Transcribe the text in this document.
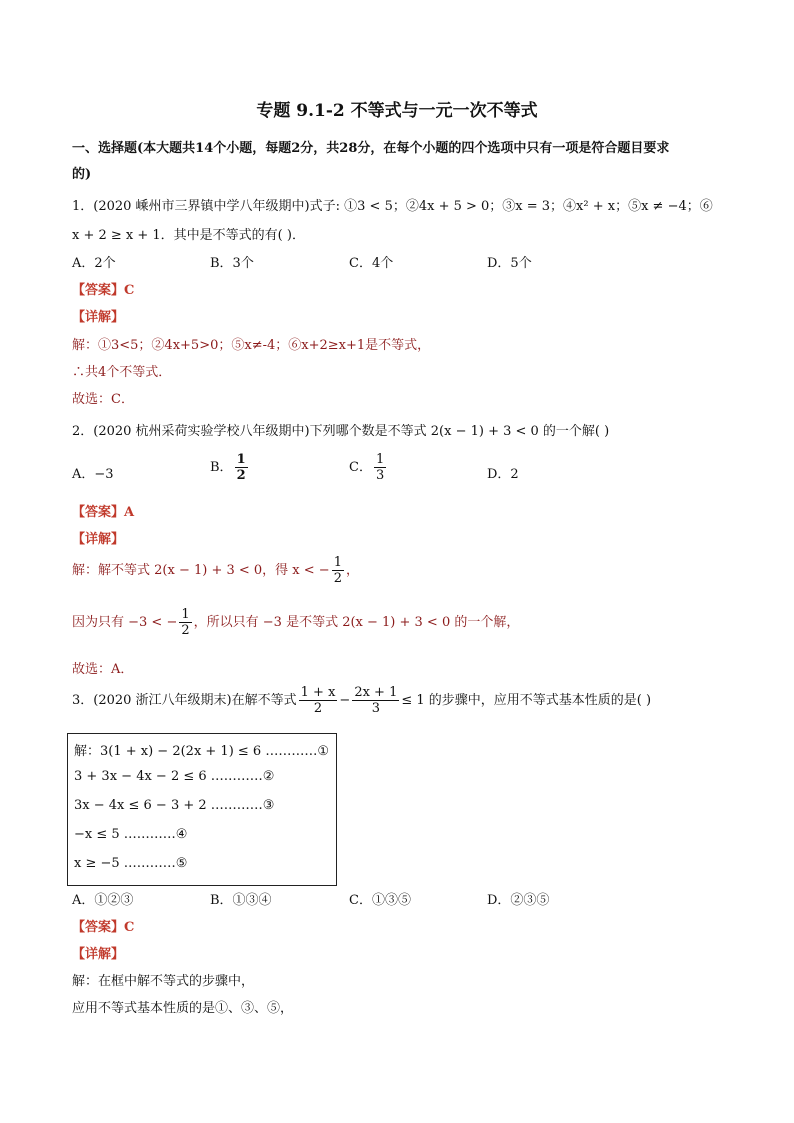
专题 9.1-2 不等式与一元一次不等式
一、选择题(本大题共14个小题，每题2分，共28分，在每个小题的四个选项中只有一项是符合题目要求
的)
1．(2020 嵊州市三界镇中学八年级期中)式子: ①3 < 5；②4x + 5 > 0；③x = 3；④x² + x；⑤x ≠ −4；⑥
x + 2 ≥ x + 1．其中是不等式的有( )．
A．2个	B．3个	C．4个	D．5个
【答案】C
【详解】
解：①3<5；②4x+5>0；⑤x≠-4；⑥x+2≥x+1是不等式，
∴共4个不等式．
故选：C．
2．(2020 杭州采荷实验学校八年级期中)下列哪个数是不等式 2(x − 1) + 3 < 0 的一个解( )
A．−3	B． $\frac{1}{2}$	C． $\frac{1}{3}$	D．2
【答案】A
【详解】
解：解不等式 2(x − 1) + 3 < 0，得 x < − $\frac{1}{2}$ ，
因为只有 −3 < − $\frac{1}{2}$ ，所以只有 −3 是不等式 2(x − 1) + 3 < 0 的一个解，
故选：A．
3．(2020 浙江八年级期末)在解不等式 $\frac{1 + x}{2} - \frac{2x + 1}{3} \le 1$ 的步骤中，应用不等式基本性质的是( )
解：3(1 + x) − 2(2x + 1) ≤ 6 …………①
3 + 3x − 4x − 2 ≤ 6 …………②
3x − 4x ≤ 6 − 3 + 2 …………③
−x ≤ 5 …………④
x ≥ −5 …………⑤
A．①②③	B．①③④	C．①③⑤	D．②③⑤
【答案】C
【详解】
解：在框中解不等式的步骤中，
应用不等式基本性质的是①、③、⑤，
